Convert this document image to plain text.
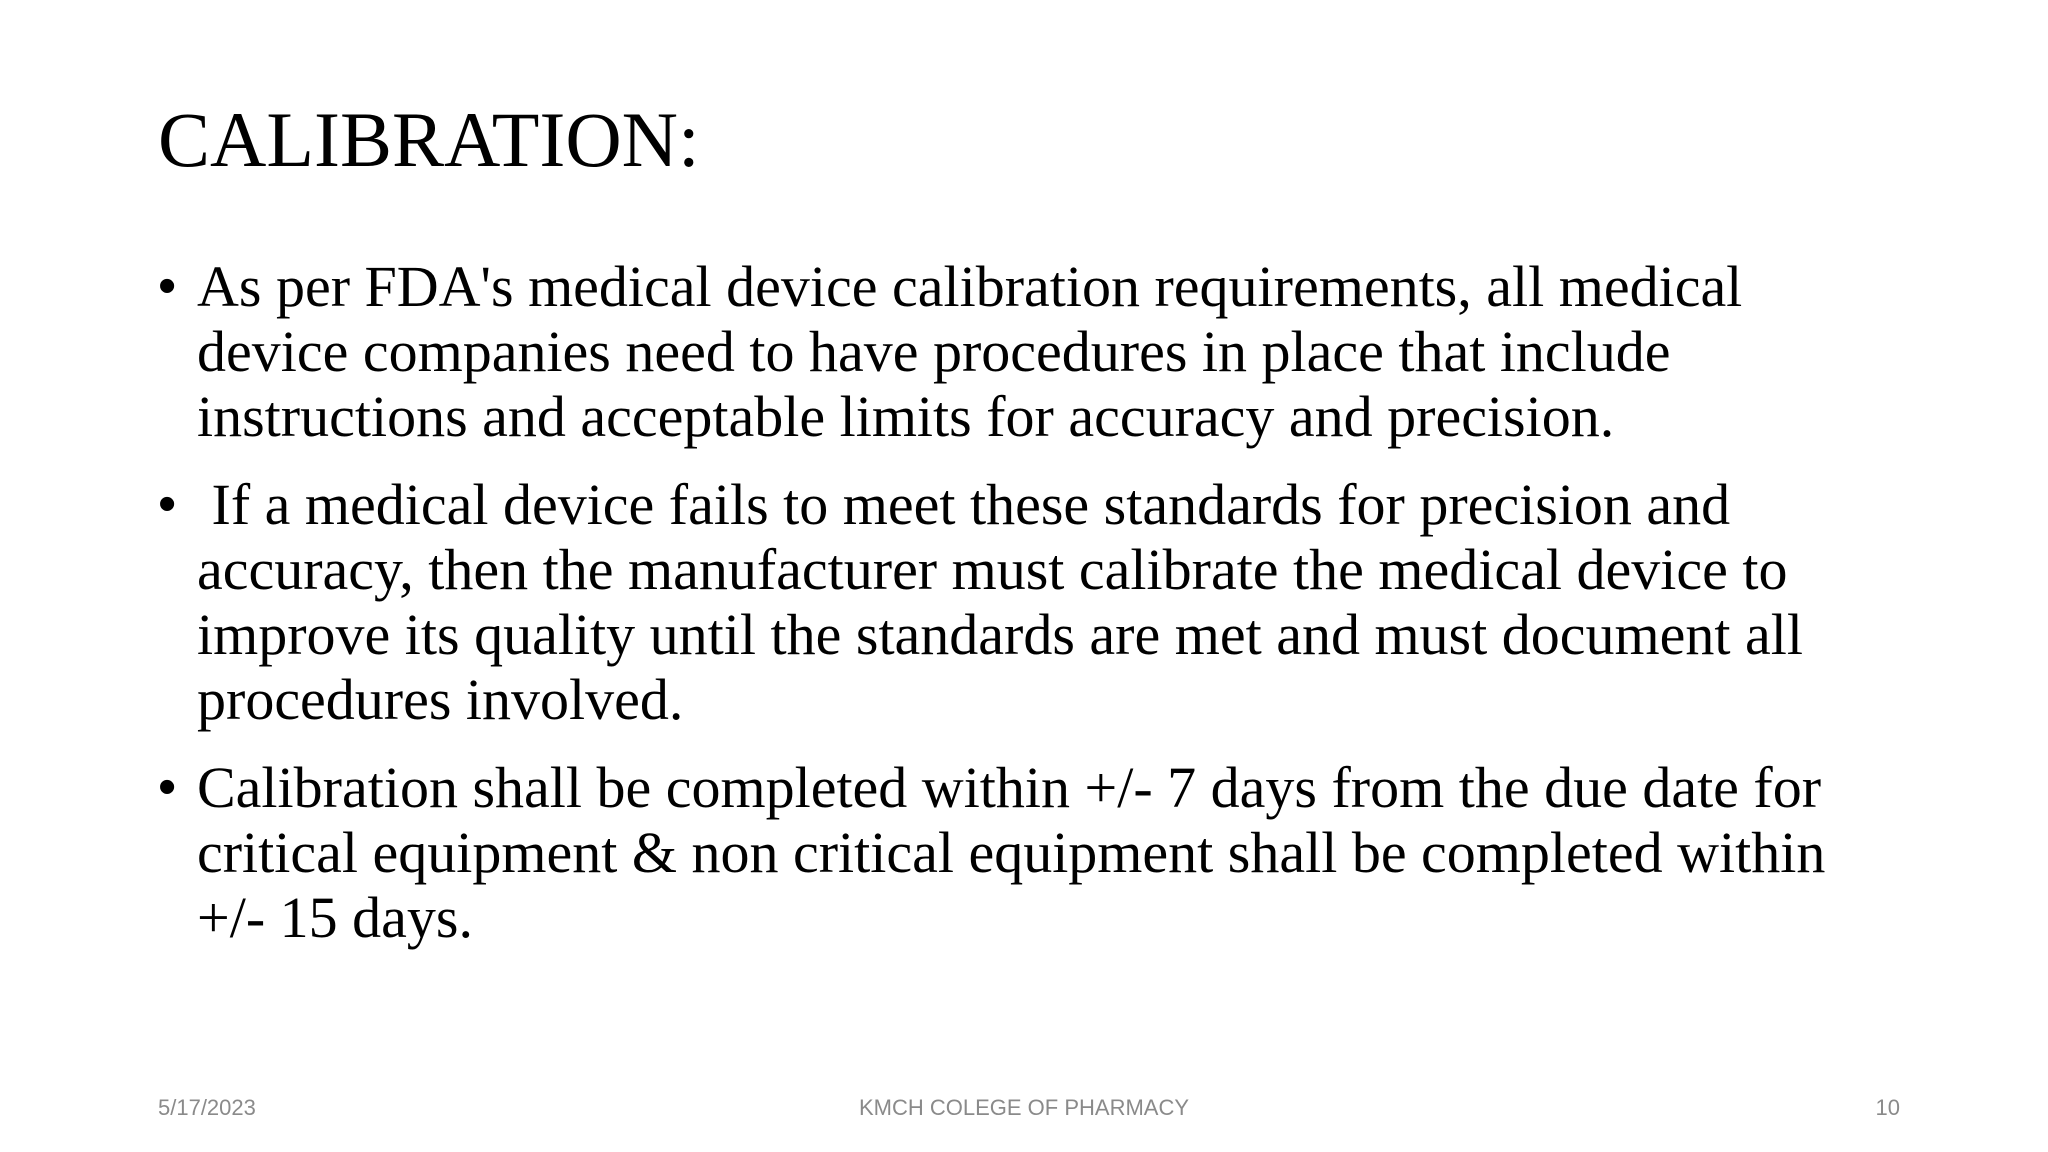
CALIBRATION:
• As per FDA's medical device calibration requirements, all medical
device companies need to have procedures in place that include
instructions and acceptable limits for accuracy and precision.
• If a medical device fails to meet these standards for precision and
accuracy, then the manufacturer must calibrate the medical device to
improve its quality until the standards are met and must document all
procedures involved.
• Calibration shall be completed within +/- 7 days from the due date for
critical equipment & non critical equipment shall be completed within
+/- 15 days.
5/17/2023	KMCH COLEGE OF PHARMACY	10
